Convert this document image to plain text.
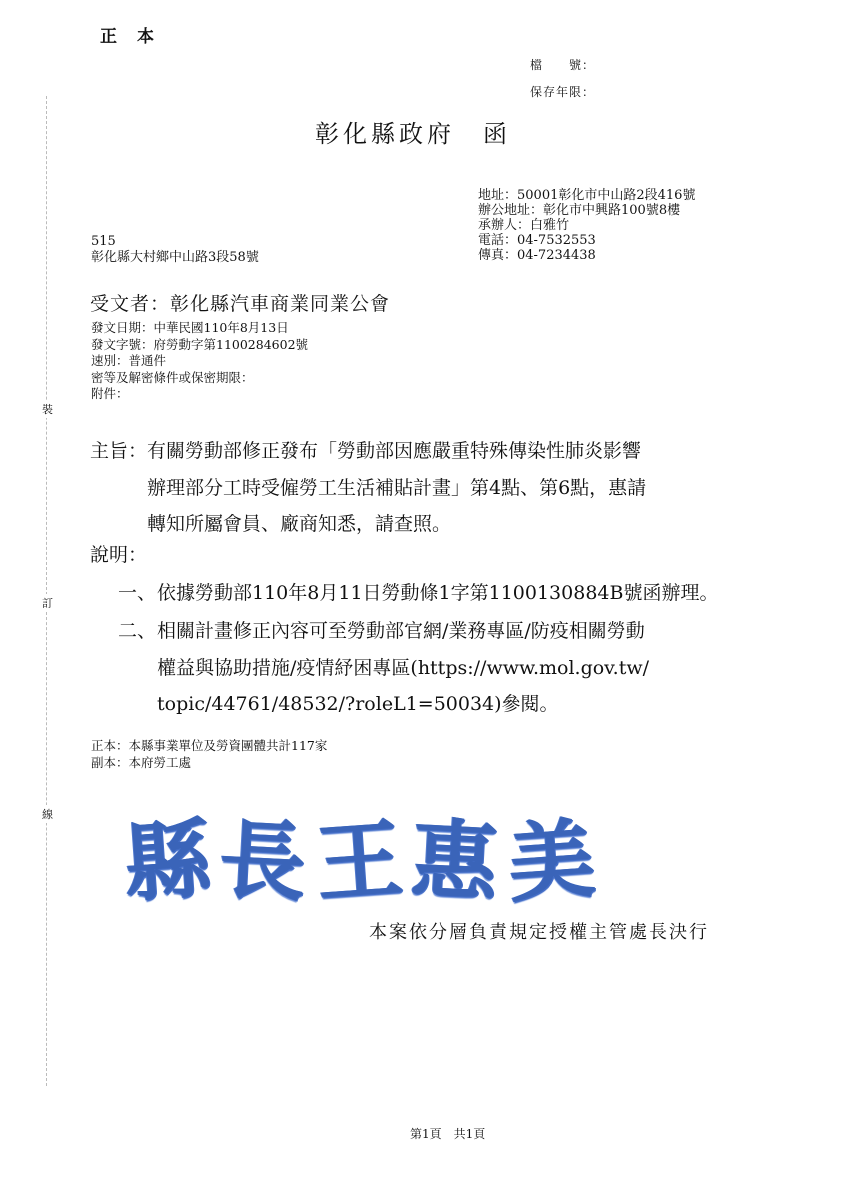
正本
檔　　號：
保存年限：
彰化縣政府　函
地址：50001彰化市中山路2段416號
辦公地址：彰化市中興路100號8樓
承辦人：白雅竹
電話：04-7532553
傳真：04-7234438
515
彰化縣大村鄉中山路3段58號
受文者：彰化縣汽車商業同業公會
發文日期：中華民國110年8月13日
發文字號：府勞動字第1100284602號
速別：普通件
密等及解密條件或保密期限：
附件：
裝
訂
線
主旨： 有關勞動部修正發布「勞動部因應嚴重特殊傳染性肺炎影響
辦理部分工時受僱勞工生活補貼計畫」第4點、第6點，惠請
轉知所屬會員、廠商知悉，請查照。
說明：
一、 依據勞動部110年8月11日勞動條1字第1100130884B號函辦理。
二、 相關計畫修正內容可至勞動部官網/業務專區/防疫相關勞動
權益與協助措施/疫情紓困專區(https://www.mol.gov.tw/
topic/44761/48532/?roleL1=50034)參閱。
正本：本縣事業單位及勞資團體共計117家
副本：本府勞工處
縣 長 王 惠 美
本案依分層負責規定授權主管處長決行
第1頁　共1頁
